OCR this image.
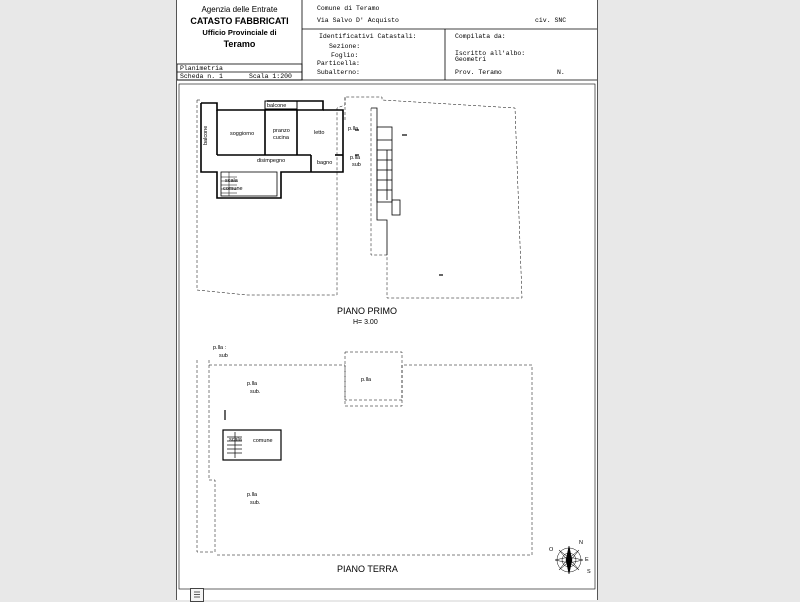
Agenzia delle Entrate
CATASTO FABBRICATI
Ufficio Provinciale di
Teramo
Comune di Teramo
Via Salvo D' Acquisto	civ. SNC
Identificativi Catastali:
Sezione:
Foglio:
Particella:
Subalterno:
Compilata da:
Iscritto all'albo:
Geometri
Prov. Teramo	N.
Planimetria
Scheda n. 1	Scala 1:200
balcone
balcone	soggiorno	pranzo
cucina
letto
disimpegno	bagno
scala
comune
p.lla
p.lla
sub
PIANO PRIMO
H= 3.00
p.lla :
sub
p.lla
p.lla
sub.
scala comune
p.lla
sub.
PIANO TERRA
N
E
S
O
